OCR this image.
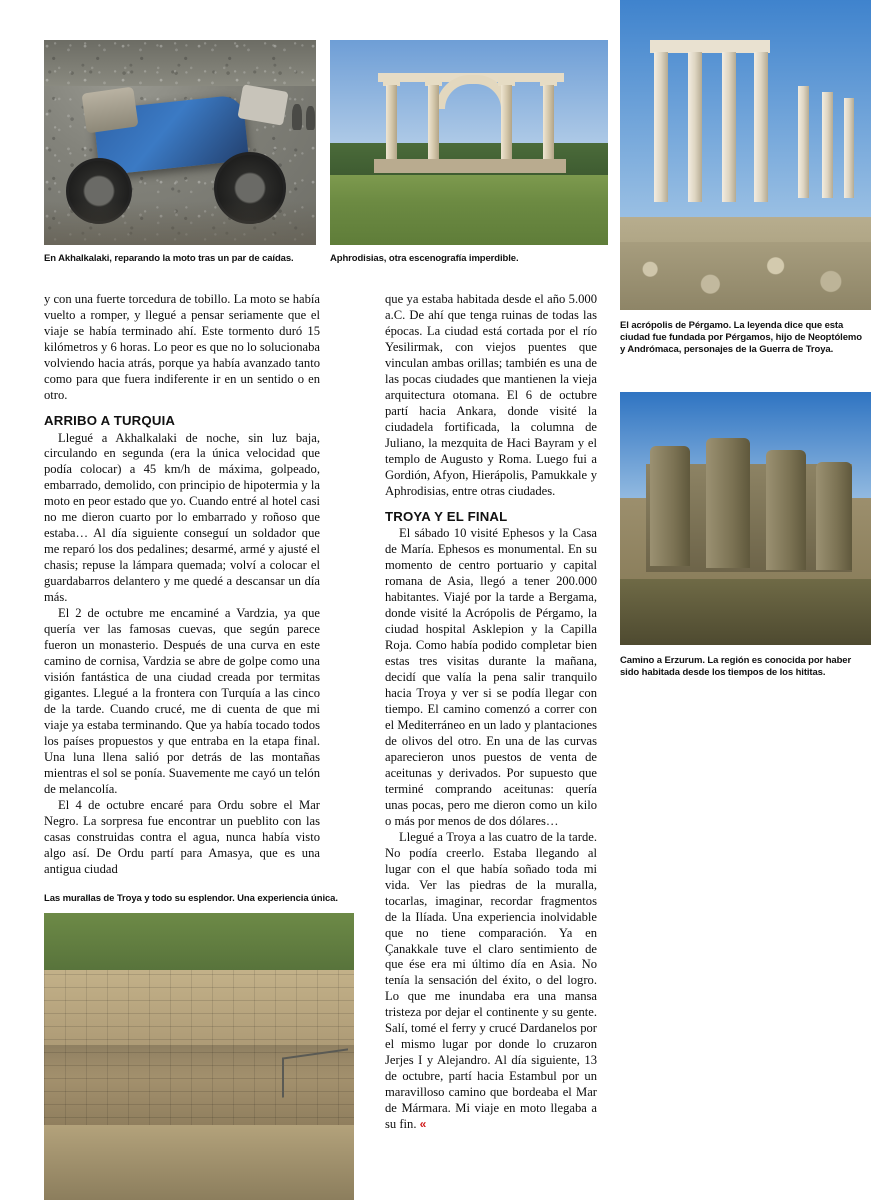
En Akhalkalaki, reparando la moto tras un par de caídas.	Aphrodisias, otra escenografía imperdible.
El acrópolis de Pérgamo. La leyenda dice que esta ciudad fue fundada por Pérgamos, hijo de Neoptólemo y Andrómaca, personajes de la Guerra de Troya.
Camino a Erzurum. La región es conocida por haber sido habitada desde los tiempos de los hititas.
Las murallas de Troya y todo su esplendor. Una experiencia única.

y con una fuerte torcedura de tobillo. La moto se había vuelto a romper, y llegué a pensar seriamente que el viaje se había terminado ahí. Este tormento duró 15 kilómetros y 6 horas. Lo peor es que no lo solucionaba volviendo hacia atrás, porque ya había avanzado tanto como para que fuera indiferente ir en un sentido o en otro.

ARRIBO A TURQUIA

Llegué a Akhalkalaki de noche, sin luz baja, circulando en segunda (era la única velocidad que podía colocar) a 45 km/h de máxima, golpeado, embarrado, demolido, con principio de hipotermia y la moto en peor estado que yo. Cuando entré al hotel casi no me dieron cuarto por lo embarrado y roñoso que estaba… Al día siguiente conseguí un soldador que me reparó los dos pedalines; desarmé, armé y ajusté el chasis; repuse la lámpara quemada; volví a colocar el guardabarros delantero y me quedé a descansar un día más.

El 2 de octubre me encaminé a Vardzia, ya que quería ver las famosas cuevas, que según parece fueron un monasterio. Después de una curva en este camino de cornisa, Vardzia se abre de golpe como una visión fantástica de una ciudad creada por termitas gigantes. Llegué a la frontera con Turquía a las cinco de la tarde. Cuando crucé, me di cuenta de que mi viaje ya estaba terminando. Que ya había tocado todos los países propuestos y que entraba en la etapa final. Una luna llena salió por detrás de las montañas mientras el sol se ponía. Suavemente me cayó un telón de melancolía.

El 4 de octubre encaré para Ordu sobre el Mar Negro. La sorpresa fue encontrar un pueblito con las casas construidas contra el agua, nunca había visto algo así. De Ordu partí para Amasya, que es una antigua ciudad

que ya estaba habitada desde el año 5.000 a.C. De ahí que tenga ruinas de todas las épocas. La ciudad está cortada por el río Yesilirmak, con viejos puentes que vinculan ambas orillas; también es una de las pocas ciudades que mantienen la vieja arquitectura otomana. El 6 de octubre partí hacia Ankara, donde visité la ciudadela fortificada, la columna de Juliano, la mezquita de Haci Bayram y el templo de Augusto y Roma. Luego fui a Gordión, Afyon, Hierápolis, Pamukkale y Aphrodisias, entre otras ciudades.

TROYA Y EL FINAL

El sábado 10 visité Ephesos y la Casa de María. Ephesos es monumental. En su momento de centro portuario y capital romana de Asia, llegó a tener 200.000 habitantes. Viajé por la tarde a Bergama, donde visité la Acrópolis de Pérgamo, la ciudad hospital Asklepion y la Capilla Roja. Como había podido completar bien estas tres visitas durante la mañana, decidí que valía la pena salir tranquilo hacia Troya y ver si se podía llegar con tiempo. El camino comenzó a correr con el Mediterráneo en un lado y plantaciones de olivos del otro. En una de las curvas aparecieron unos puestos de venta de aceitunas y derivados. Por supuesto que terminé comprando aceitunas: quería unas pocas, pero me dieron como un kilo o más por menos de dos dólares…

Llegué a Troya a las cuatro de la tarde. No podía creerlo. Estaba llegando al lugar con el que había soñado toda mi vida. Ver las piedras de la muralla, tocarlas, imaginar, recordar fragmentos de la Ilíada. Una experiencia inolvidable que no tiene comparación. Ya en Çanakkale tuve el claro sentimiento de que ése era mi último día en Asia. No tenía la sensación del éxito, o del logro. Lo que me inundaba era una mansa tristeza por dejar el continente y su gente. Salí, tomé el ferry y crucé Dardanelos por el mismo lugar por donde lo cruzaron Jerjes I y Alejandro. Al día siguiente, 13 de octubre, partí hacia Estambul por un maravilloso camino que bordeaba el Mar de Mármara. Mi viaje en moto llegaba a su fin. «
